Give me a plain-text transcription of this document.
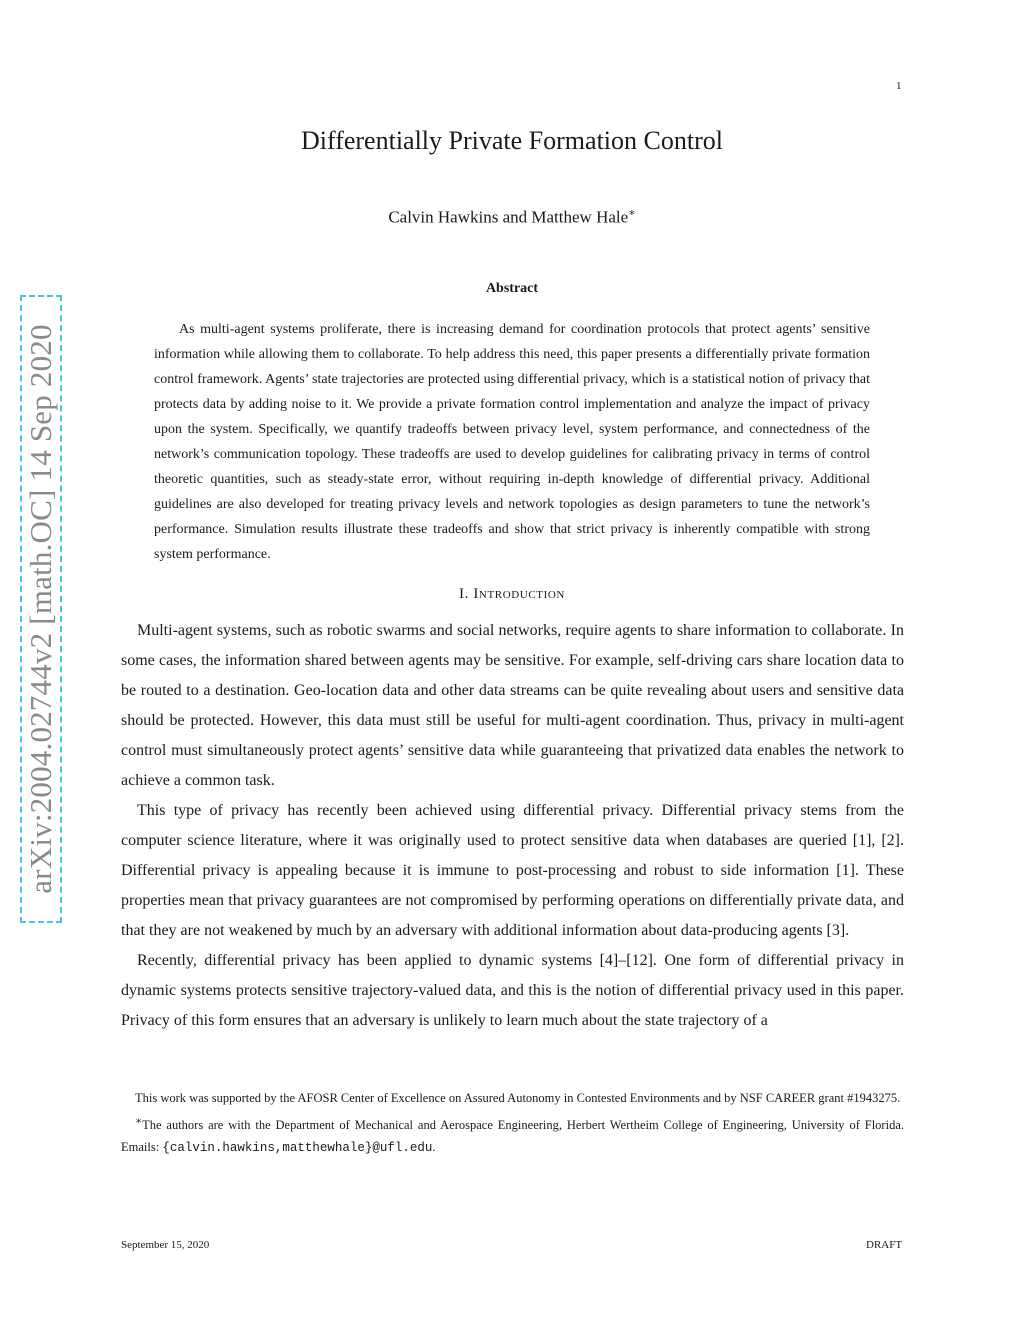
1
arXiv:2004.02744v2 [math.OC] 14 Sep 2020
Differentially Private Formation Control
Calvin Hawkins and Matthew Hale∗
Abstract

As multi-agent systems proliferate, there is increasing demand for coordination protocols that protect agents’ sensitive information while allowing them to collaborate. To help address this need, this paper presents a differentially private formation control framework. Agents’ state trajectories are protected using differential privacy, which is a statistical notion of privacy that protects data by adding noise to it. We provide a private formation control implementation and analyze the impact of privacy upon the system. Specifically, we quantify tradeoffs between privacy level, system performance, and connectedness of the network’s communication topology. These tradeoffs are used to develop guidelines for calibrating privacy in terms of control theoretic quantities, such as steady-state error, without requiring in-depth knowledge of differential privacy. Additional guidelines are also developed for treating privacy levels and network topologies as design parameters to tune the network’s performance. Simulation results illustrate these tradeoffs and show that strict privacy is inherently compatible with strong system performance.

I. Introduction

Multi-agent systems, such as robotic swarms and social networks, require agents to share information to collaborate. In some cases, the information shared between agents may be sensitive. For example, self-driving cars share location data to be routed to a destination. Geo-location data and other data streams can be quite revealing about users and sensitive data should be protected. However, this data must still be useful for multi-agent coordination. Thus, privacy in multi-agent control must simultaneously protect agents’ sensitive data while guaranteeing that privatized data enables the network to achieve a common task.

This type of privacy has recently been achieved using differential privacy. Differential privacy stems from the computer science literature, where it was originally used to protect sensitive data when databases are queried [1], [2]. Differential privacy is appealing because it is immune to post-processing and robust to side information [1]. These properties mean that privacy guarantees are not compromised by performing operations on differentially private data, and that they are not weakened by much by an adversary with additional information about data-producing agents [3].

Recently, differential privacy has been applied to dynamic systems [4]–[12]. One form of differential privacy in dynamic systems protects sensitive trajectory-valued data, and this is the notion of differential privacy used in this paper. Privacy of this form ensures that an adversary is unlikely to learn much about the state trajectory of a

This work was supported by the AFOSR Center of Excellence on Assured Autonomy in Contested Environments and by NSF CAREER grant #1943275.

∗The authors are with the Department of Mechanical and Aerospace Engineering, Herbert Wertheim College of Engineering, University of Florida. Emails: {calvin.hawkins,matthewhale}@ufl.edu.

September 15, 2020	DRAFT
